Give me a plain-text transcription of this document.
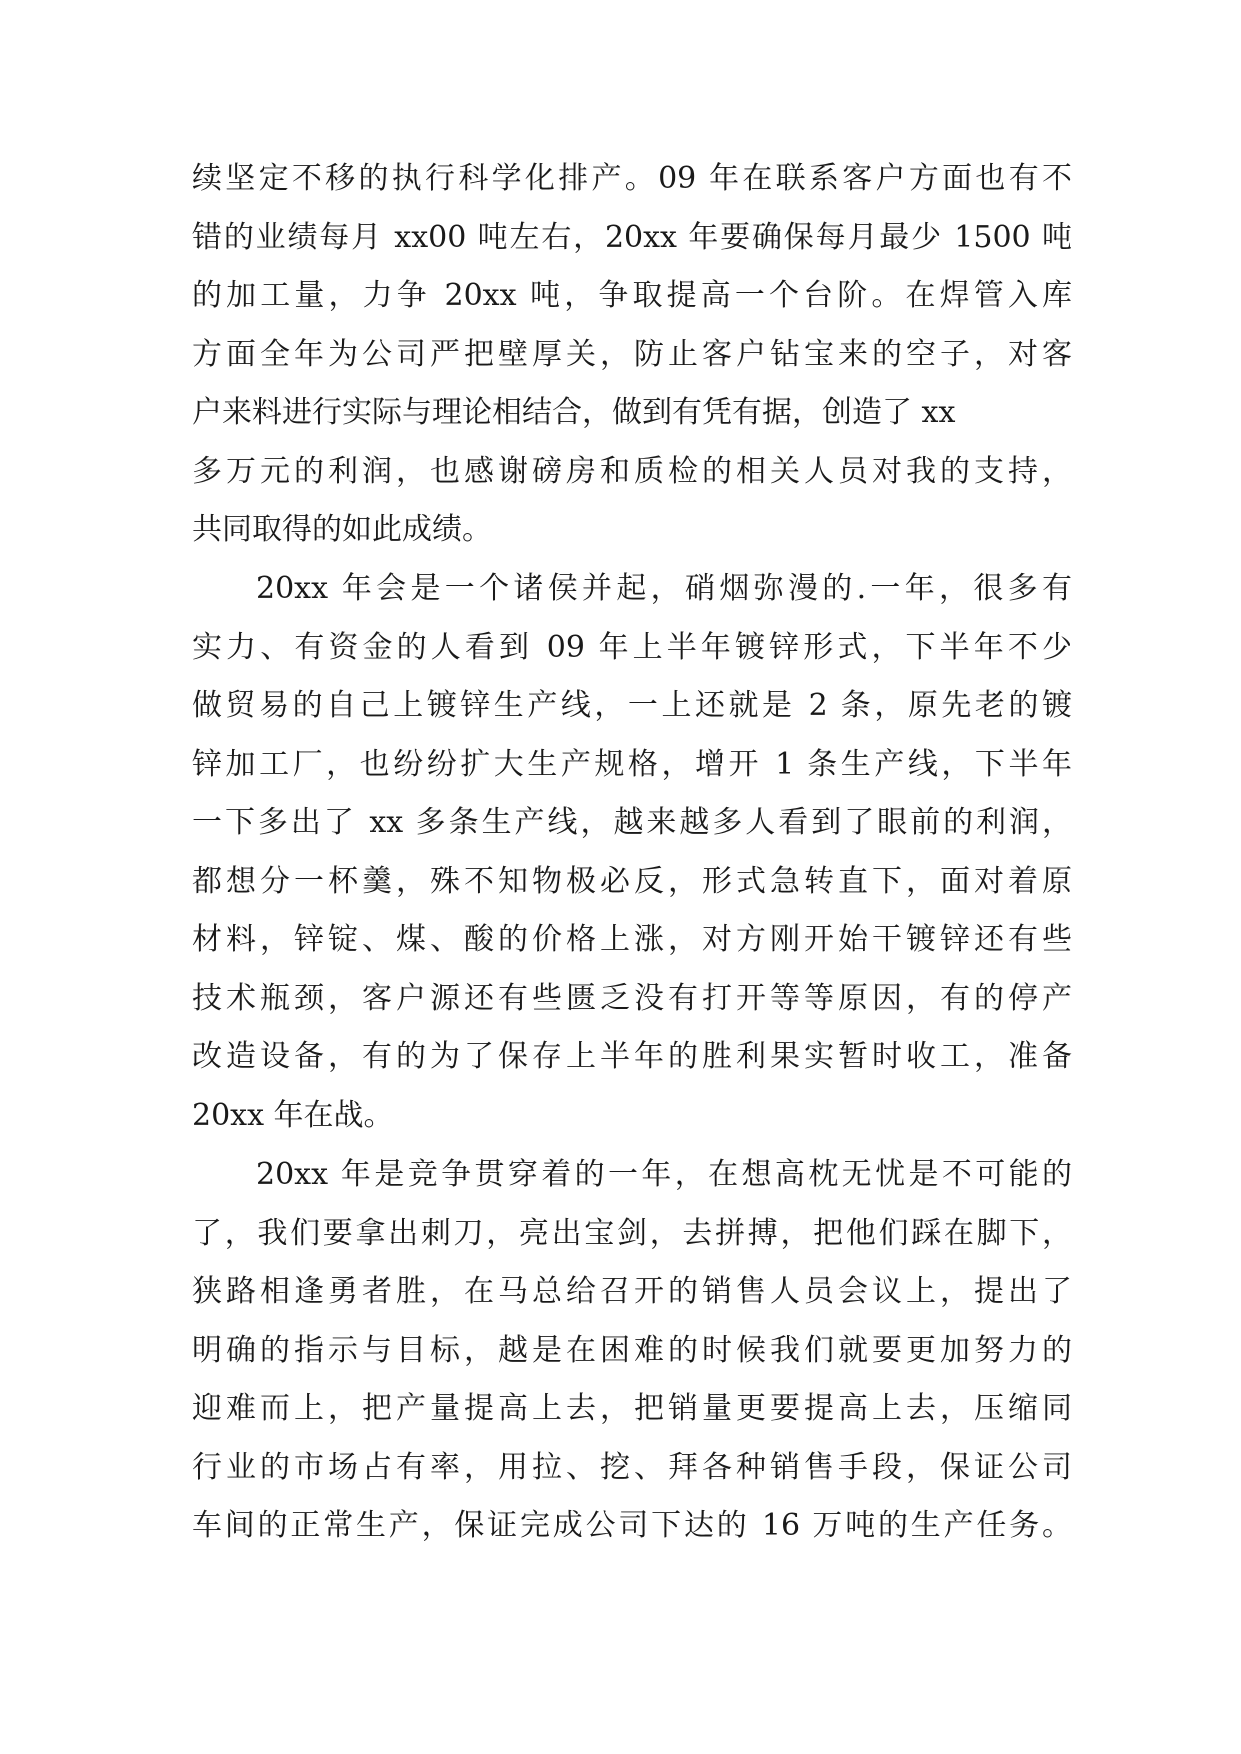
续坚定不移的执行科学化排产。09 年在联系客户方面也有不
错的业绩每月 xx00 吨左右，20xx 年要确保每月最少 1500 吨
的加工量，力争 20xx 吨，争取提高一个台阶。在焊管入库
方面全年为公司严把壁厚关，防止客户钻宝来的空子，对客
户来料进行实际与理论相结合，做到有凭有据，创造了 xx
多万元的利润，也感谢磅房和质检的相关人员对我的支持，
共同取得的如此成绩。
20xx 年会是一个诸侯并起，硝烟弥漫的.一年，很多有
实力、有资金的人看到 09 年上半年镀锌形式，下半年不少
做贸易的自己上镀锌生产线，一上还就是 2 条，原先老的镀
锌加工厂，也纷纷扩大生产规格，增开 1 条生产线，下半年
一下多出了 xx 多条生产线，越来越多人看到了眼前的利润，
都想分一杯羹，殊不知物极必反，形式急转直下，面对着原
材料，锌锭、煤、酸的价格上涨，对方刚开始干镀锌还有些
技术瓶颈，客户源还有些匮乏没有打开等等原因，有的停产
改造设备，有的为了保存上半年的胜利果实暂时收工，准备
20xx 年在战。
20xx 年是竞争贯穿着的一年，在想高枕无忧是不可能的
了，我们要拿出刺刀，亮出宝剑，去拼搏，把他们踩在脚下，
狭路相逢勇者胜，在马总给召开的销售人员会议上，提出了
明确的指示与目标，越是在困难的时候我们就要更加努力的
迎难而上，把产量提高上去，把销量更要提高上去，压缩同
行业的市场占有率，用拉、挖、拜各种销售手段，保证公司
车间的正常生产，保证完成公司下达的 16 万吨的生产任务。
